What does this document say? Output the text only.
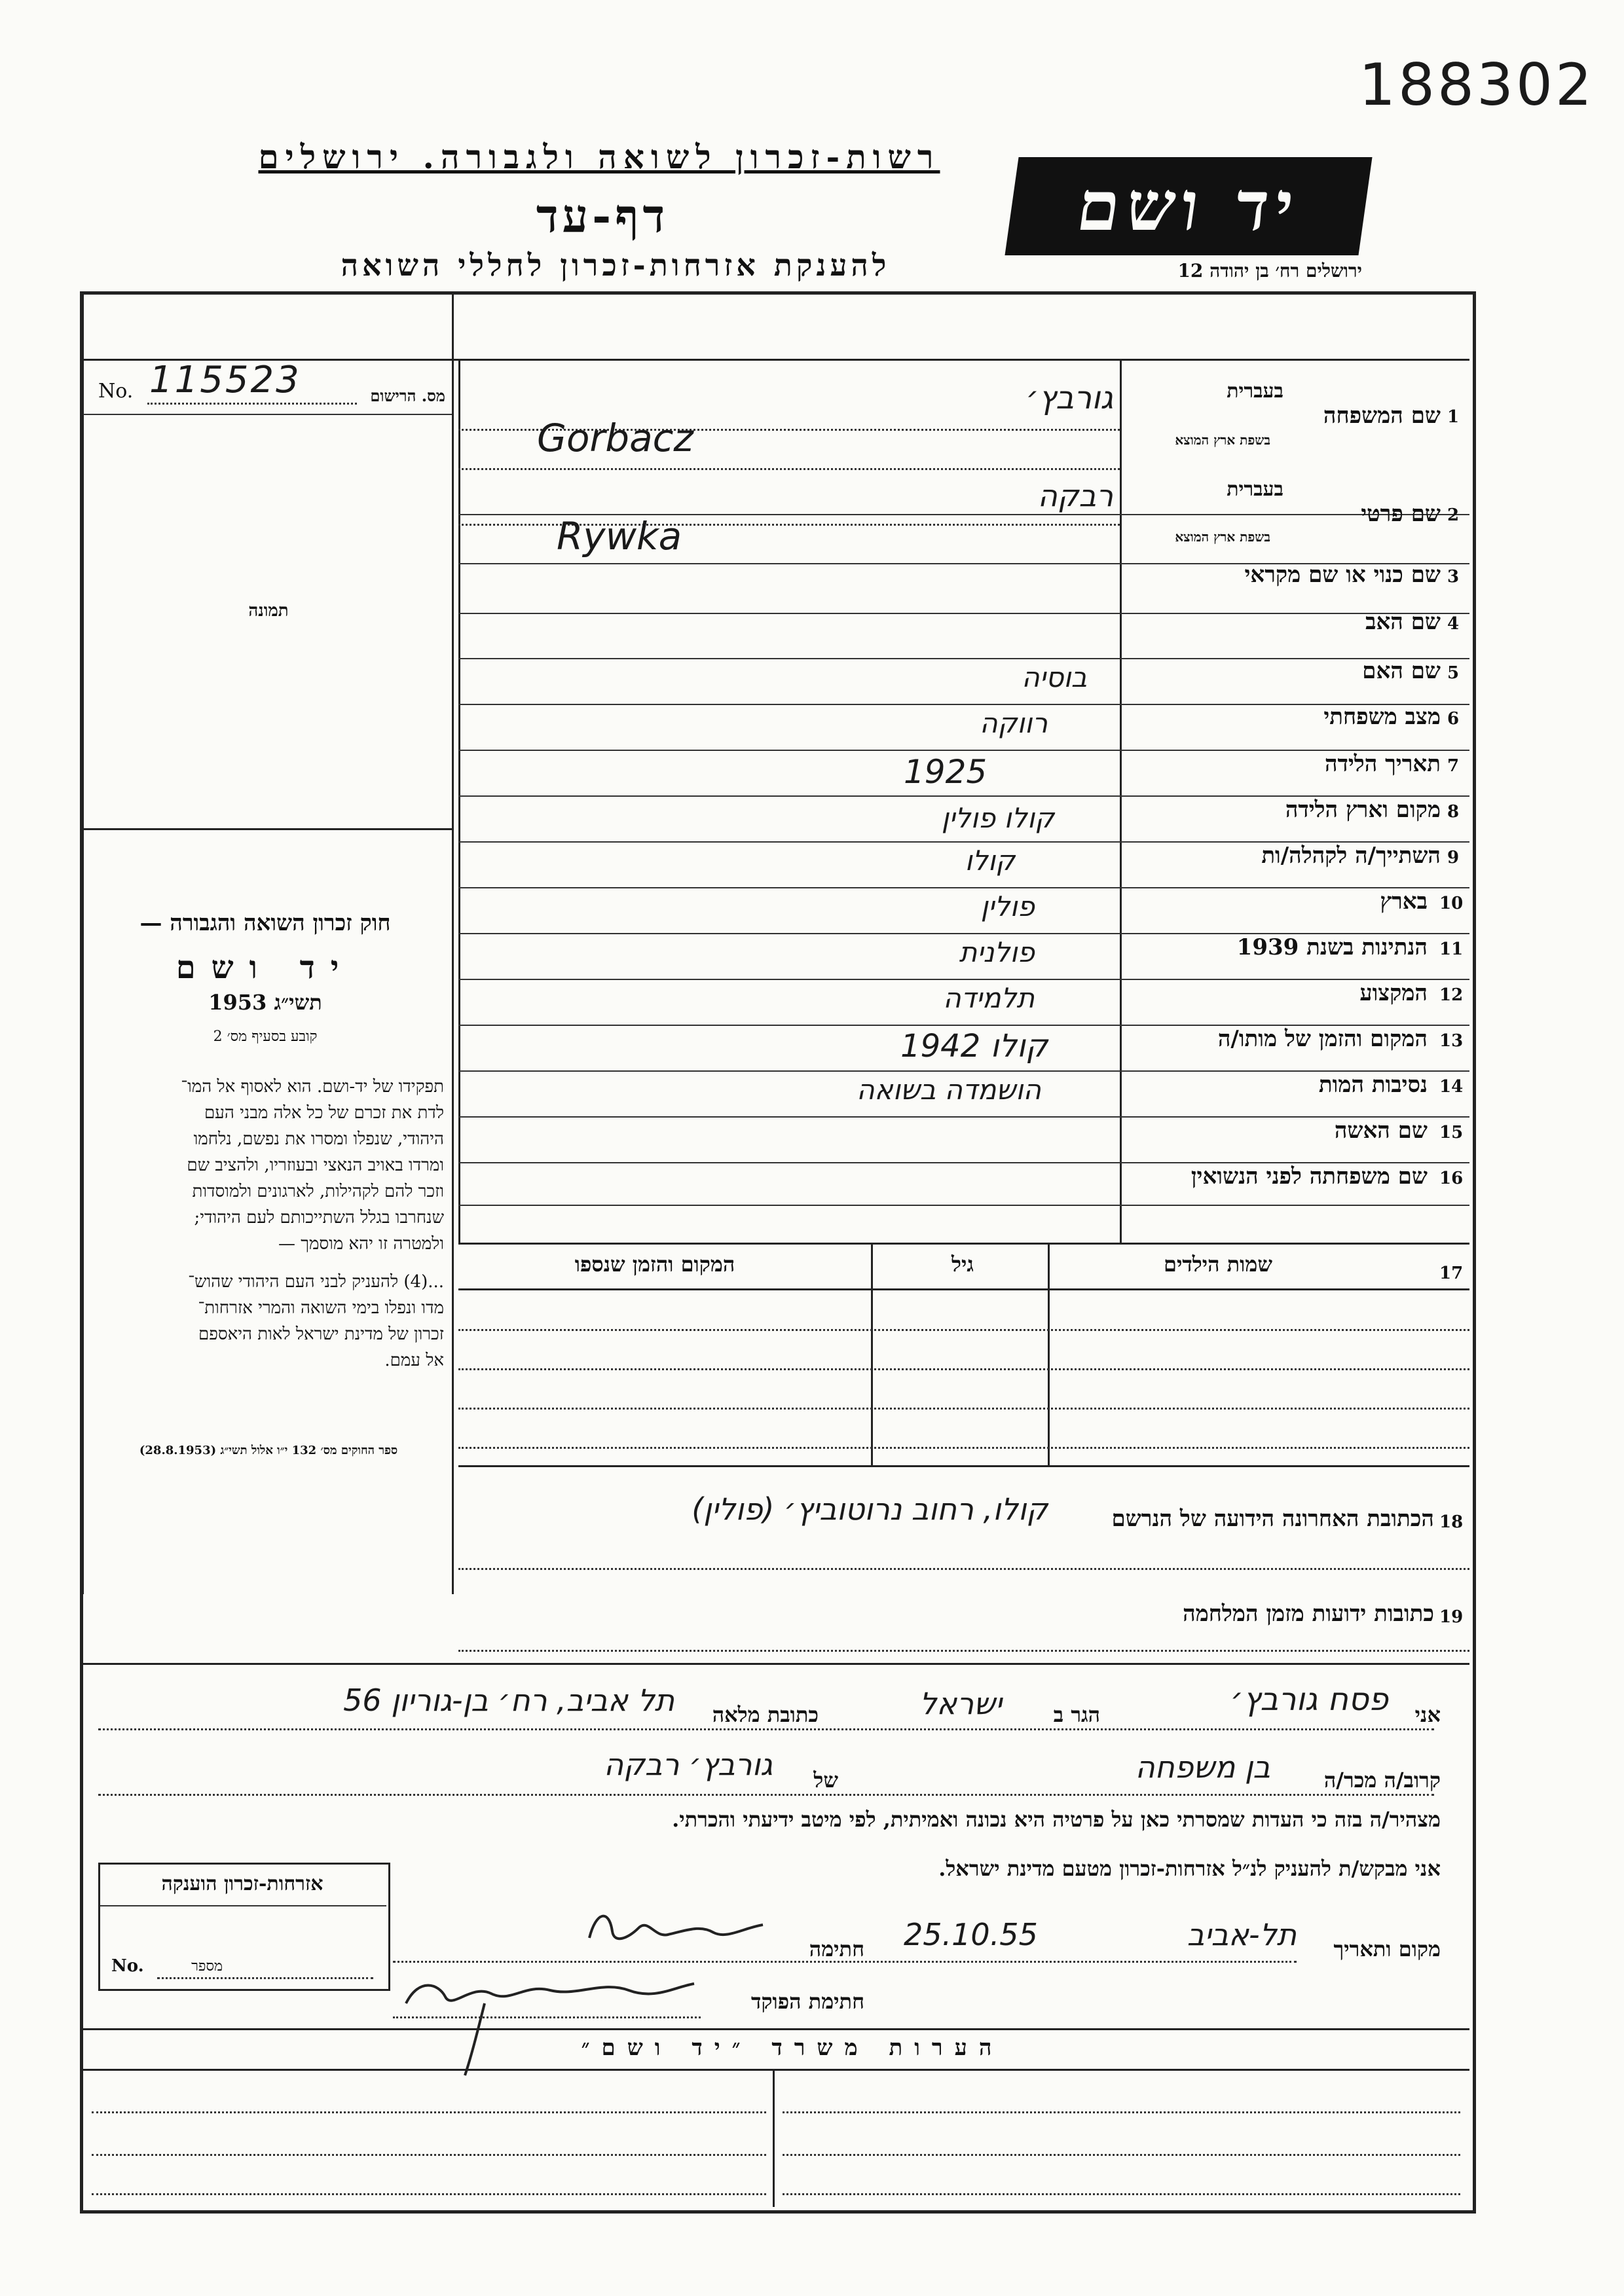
188302
רשות-זכרון לשואה ולגבורה. ירושלים
דף-עד
להענקת אזרחות-זכרון לחללי השואה
יד ושם
ירושלים רח׳ בן יהודה 12
No. 115523	מס. הרישום
תמונה
חוק זכרון השואה והגבורה —
יד ושם
תשי״ג 1953
קובע בסעיף מס׳ 2
תפקידו של יד-ושם. הוא לאסוף אל המו־
לדת את זכרם של כל אלה מבני העם
היהודי, שנפלו ומסרו את נפשם, נלחמו
ומרדו באויב הנאצי ובעוזריו, ולהציב שם
וזכר להם לקהילות, לארגונים ולמוסדות
שנחרבו בגלל השתייכותם לעם היהודי;
ולמטרה זו יהא מוסמך —
...(4) להעניק לבני העם היהודי שהוש־
מדו ונפלו בימי השואה והמרי אזרחות־
זכרון של מדינת ישראל לאות היאספם
אל עמם.
ספר החוקים מס׳ 132 י״ו אלול תשי״ג (28.8.1953)
בעברית
בשפת ארץ המוצא
שם המשפחה 1
גורבץ׳
Gorbacz
בעברית
בשפת ארץ המוצא
שם פרטי 2
רבקה
Rywka
שם כנוי או שם מקראי 3
שם האב 4
שם האם 5
בוסיה
מצב משפחתי 6
רווקה
תאריך הלידה 7
1925
מקום וארץ הלידה 8
קולו פולין
השתייך/ה לקהלה/ות 9
קולו
בארץ 10
פולין
הנתינות בשנת 1939 11
פולנית
המקצוע 12
תלמידה
המקום והזמן של מותו/ה 13
קולו 1942
נסיבות המות 14
הושמדה בשואה
שם האשה 15
שם משפחתה לפני הנשואין 16
17
שמות הילדים
גיל
המקום והזמן שנספו
18
הכתובת האחרונה הידועה של הנרשם
קולו, רחוב נרוטוביץ׳ (פולין)
19
כתובות ידועות מזמן המלחמה
אני
פסח גורבץ׳
הגר ב
ישראל
כתובת מלאה
תל אביב, רח׳ בן-גוריון 56
קרוב/ה מכר/ה
בן משפחה
של
גורבץ׳ רבקה
מצהיר/ה בזה כי העדות שמסרתי כאן על פרטיה היא נכונה ואמיתית, לפי מיטב ידיעתי והכרתי.
אני מבקש/ת להעניק לנ״ל אזרחות-זכרון מטעם מדינת ישראל.
אזרחות-זכרון הוענקה
No.	מספר
מקום ותאריך
תל-אביב
25.10.55
חתימה
חתימת הפוקד
הערות משרד ״יד ושם״
